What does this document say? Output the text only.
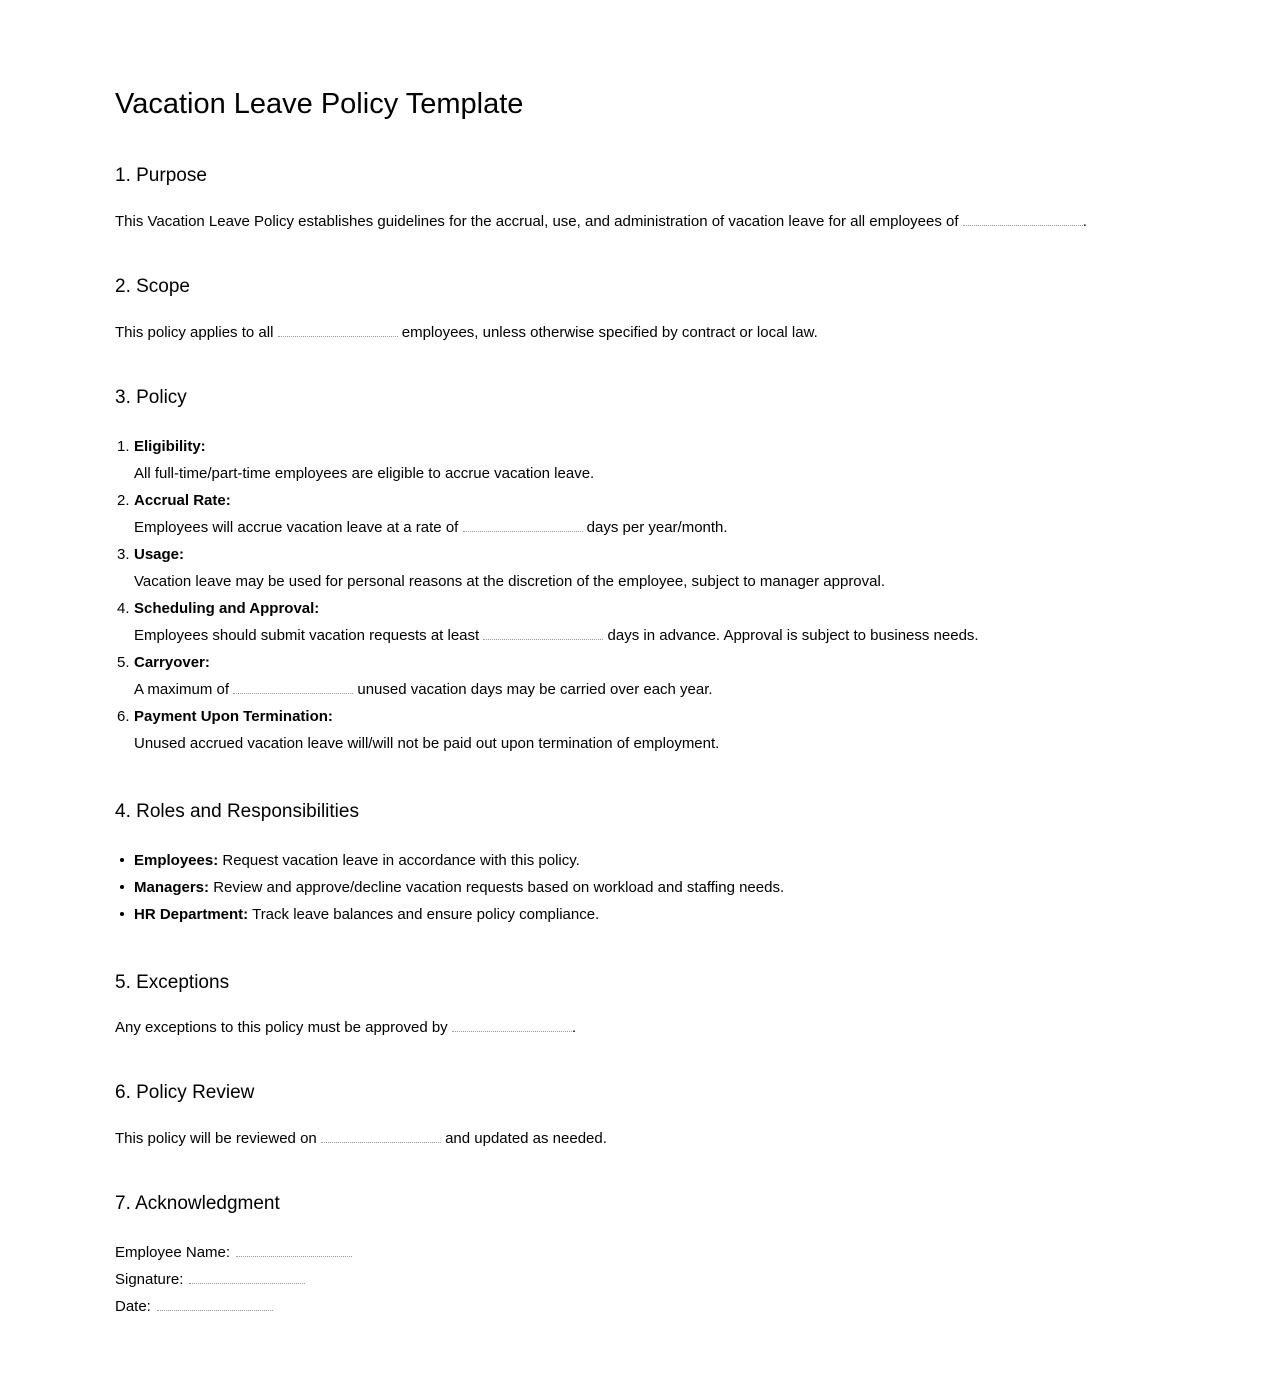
Vacation Leave Policy Template
1. Purpose

This Vacation Leave Policy establishes guidelines for the accrual, use, and administration of vacation leave for all employees of	.

2. Scope

This policy applies to all	employees, unless otherwise specified by contract or local law.

3. Policy
1. Eligibility:
All full-time/part-time employees are eligible to accrue vacation leave.
2. Accrual Rate:
Employees will accrue vacation leave at a rate of	days per year/month.
3. Usage:
Vacation leave may be used for personal reasons at the discretion of the employee, subject to manager approval.
4. Scheduling and Approval:
Employees should submit vacation requests at least	days in advance. Approval is subject to business needs.
5. Carryover:
A maximum of	unused vacation days may be carried over each year.
6. Payment Upon Termination:
Unused accrued vacation leave will/will not be paid out upon termination of employment.
4. Roles and Responsibilities
Employees: Request vacation leave in accordance with this policy.
Managers: Review and approve/decline vacation requests based on workload and staffing needs.
HR Department: Track leave balances and ensure policy compliance.
5. Exceptions

Any exceptions to this policy must be approved by	.

6. Policy Review

This policy will be reviewed on	and updated as needed.

7. Acknowledgment
Employee Name:
Signature:
Date:
